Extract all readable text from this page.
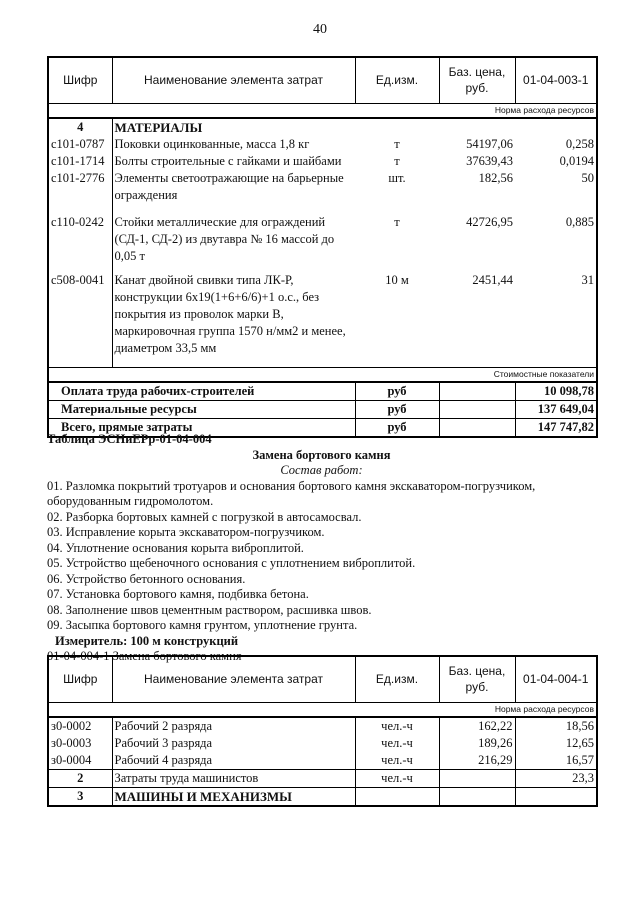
40
Шифр	Наименование элемента затрат	Ед.изм.	Баз. цена, руб.	01-04-003-1
Норма расхода ресурсов				
4	МАТЕРИАЛЫ			
с101-0787	Поковки оцинкованные, масса 1,8 кг	т	54197,06	0,258
с101-1714	Болты строительные с гайками и шайбами	т	37639,43	0,0194
с101-2776	Элементы светоотражающие на барьерные ограждения	шт.	182,56	50
с110-0242	Стойки металлические для ограждений (СД-1, СД-2) из двутавра № 16 массой до 0,05 т	т	42726,95	0,885
с508-0041	Канат двойной свивки типа ЛК-Р, конструкции 6х19(1+6+6/6)+1 о.с., без покрытия из проволок марки В, маркировочная группа 1570 н/мм2 и менее, диаметром 33,5 мм	10 м	2451,44	31
Стоимостные показатели				
Оплата труда рабочих-строителей		руб		10 098,78
Материальные ресурсы		руб		137 649,04
Всего, прямые затраты		руб		147 747,82
Таблица ЭСНиЕРр-01-04-004
Замена бортового камня
Состав работ:
01. Разломка покрытий тротуаров и основания бортового камня экскаватором-погрузчиком,
оборудованным гидромолотом.
02. Разборка бортовых камней с погрузкой в автосамосвал.
03. Исправление корыта экскаватором-погрузчиком.
04. Уплотнение основания корыта виброплитой.
05. Устройство щебеночного основания с уплотнением виброплитой.
06. Устройство бетонного основания.
07. Установка бортового камня, подбивка бетона.
08. Заполнение швов цементным раствором, расшивка швов.
09. Засыпка бортового камня грунтом, уплотнение грунта.
Измеритель: 100 м конструкций
01-04-004-1 Замена бортового камня
Шифр	Наименование элемента затрат	Ед.изм.	Баз. цена, руб.	01-04-004-1
Норма расхода ресурсов				
з0-0002	Рабочий 2 разряда	чел.-ч	162,22	18,56
з0-0003	Рабочий 3 разряда	чел.-ч	189,26	12,65
з0-0004	Рабочий 4 разряда	чел.-ч	216,29	16,57
2	Затраты труда машинистов	чел.-ч		23,3
3	МАШИНЫ И МЕХАНИЗМЫ			
